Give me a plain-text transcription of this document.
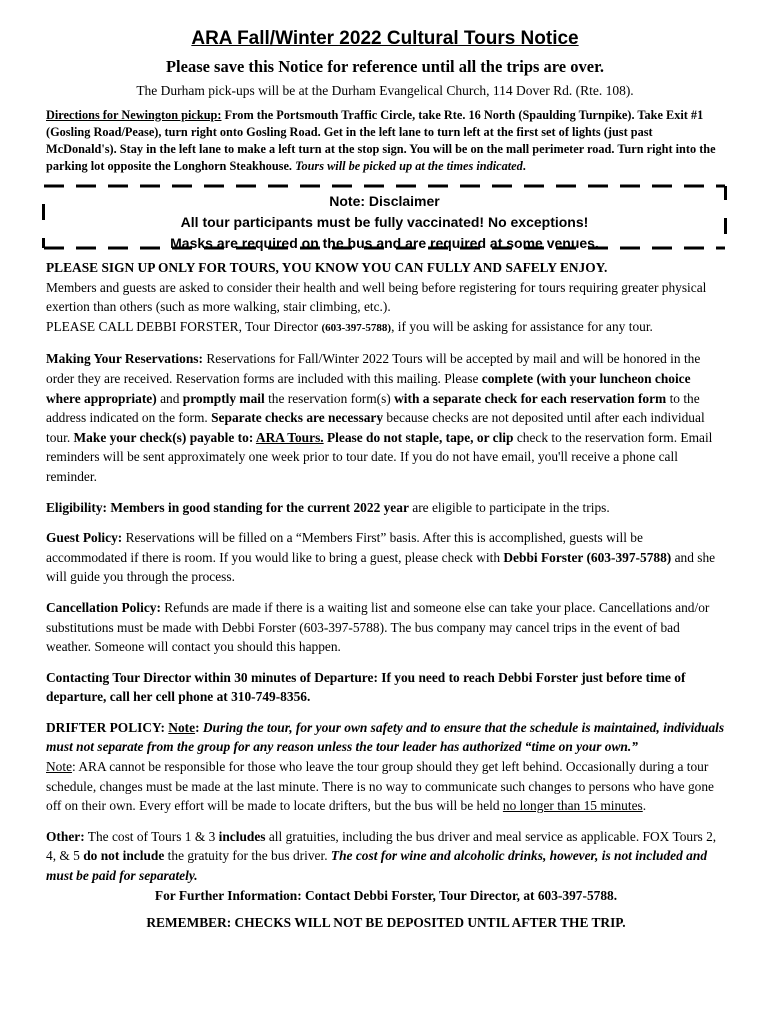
ARA Fall/Winter 2022 Cultural Tours Notice
Please save this Notice for reference until all the trips are over.
The Durham pick-ups will be at the Durham Evangelical Church, 114 Dover Rd. (Rte. 108).
Directions for Newington pickup: From the Portsmouth Traffic Circle, take Rte. 16 North (Spaulding Turnpike). Take Exit #1 (Gosling Road/Pease), turn right onto Gosling Road. Get in the left lane to turn left at the first set of lights (just past McDonald's). Stay in the left lane to make a left turn at the stop sign. You will be on the mall perimeter road. Turn right into the parking lot opposite the Longhorn Steakhouse. Tours will be picked up at the times indicated.
Note: Disclaimer
All tour participants must be fully vaccinated! No exceptions!
Masks are required on the bus and are required at some venues.

PLEASE SIGN UP ONLY FOR TOURS, YOU KNOW YOU CAN FULLY AND SAFELY ENJOY.
Members and guests are asked to consider their health and well being before registering for tours requiring greater physical exertion than others (such as more walking, stair climbing, etc.).
PLEASE CALL DEBBI FORSTER, Tour Director (603-397-5788), if you will be asking for assistance for any tour.

Making Your Reservations: Reservations for Fall/Winter 2022 Tours will be accepted by mail and will be honored in the order they are received. Reservation forms are included with this mailing. Please complete (with your luncheon choice where appropriate) and promptly mail the reservation form(s) with a separate check for each reservation form to the address indicated on the form. Separate checks are necessary because checks are not deposited until after each individual tour. Make your check(s) payable to: ARA Tours. Please do not staple, tape, or clip check to the reservation form. Email reminders will be sent approximately one week prior to tour date. If you do not have email, you'll receive a phone call reminder.

Eligibility: Members in good standing for the current 2022 year are eligible to participate in the trips.

Guest Policy: Reservations will be filled on a “Members First” basis. After this is accomplished, guests will be accommodated if there is room. If you would like to bring a guest, please check with Debbi Forster (603-397-5788) and she will guide you through the process.

Cancellation Policy: Refunds are made if there is a waiting list and someone else can take your place. Cancellations and/or substitutions must be made with Debbi Forster (603-397-5788). The bus company may cancel trips in the event of bad weather. Someone will contact you should this happen.

Contacting Tour Director within 30 minutes of Departure: If you need to reach Debbi Forster just before time of departure, call her cell phone at 310-749-8356.

DRIFTER POLICY: Note: During the tour, for your own safety and to ensure that the schedule is maintained, individuals must not separate from the group for any reason unless the tour leader has authorized “time on your own.”
Note: ARA cannot be responsible for those who leave the tour group should they get left behind. Occasionally during a tour schedule, changes must be made at the last minute. There is no way to communicate such changes to persons who have gone off on their own. Every effort will be made to locate drifters, but the bus will be held no longer than 15 minutes.

Other: The cost of Tours 1 & 3 includes all gratuities, including the bus driver and meal service as applicable. FOX Tours 2, 4, & 5 do not include the gratuity for the bus driver. The cost for wine and alcoholic drinks, however, is not included and must be paid for separately.

For Further Information: Contact Debbi Forster, Tour Director, at 603-397-5788.

REMEMBER: CHECKS WILL NOT BE DEPOSITED UNTIL AFTER THE TRIP.
